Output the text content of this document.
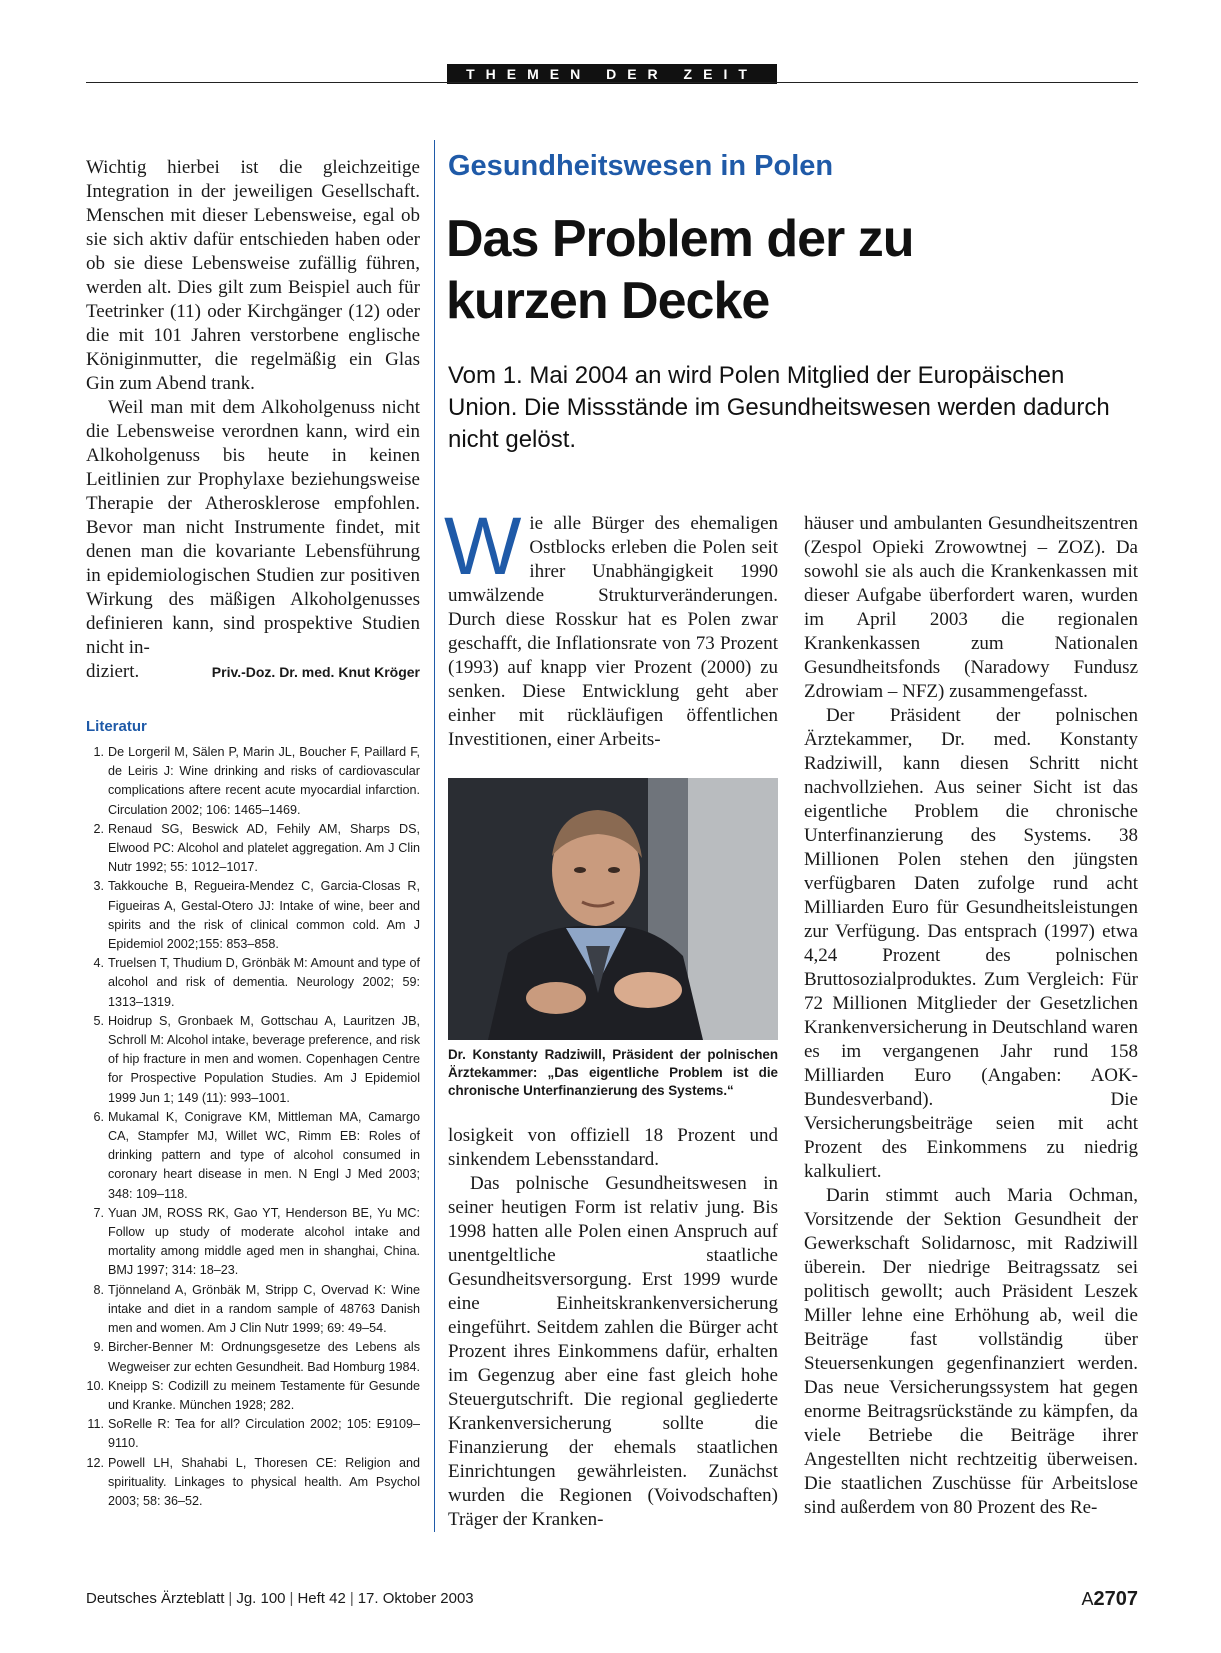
THEMEN DER ZEIT

Wichtig hierbei ist die gleichzeitige Integration in der jeweiligen Gesellschaft. Menschen mit dieser Lebensweise, egal ob sie sich aktiv dafür entschieden haben oder ob sie diese Lebensweise zufällig führen, werden alt. Dies gilt zum Beispiel auch für Teetrinker (11) oder Kirchgänger (12) oder die mit 101 Jahren verstorbene englische Königinmutter, die regelmäßig ein Glas Gin zum Abend trank.

Weil man mit dem Alkoholgenuss nicht die Lebensweise verordnen kann, wird ein Alkoholgenuss bis heute in keinen Leitlinien zur Prophylaxe beziehungsweise Therapie der Atherosklerose empfohlen. Bevor man nicht Instrumente findet, mit denen man die kovariante Lebensführung in epidemiologischen Studien zur positiven Wirkung des mäßigen Alkoholgenusses definieren kann, sind prospektive Studien nicht in-

diziert.	Priv.-Doz. Dr. med. Knut Kröger
Literatur
1. De Lorgeril M, Sälen P, Marin JL, Boucher F, Paillard F, de Leiris J: Wine drinking and risks of cardiovascular complications aftere recent acute myocardial infarction. Circulation 2002; 106: 1465–1469.
2. Renaud SG, Beswick AD, Fehily AM, Sharps DS, Elwood PC: Alcohol and platelet aggregation. Am J Clin Nutr 1992; 55: 1012–1017.
3. Takkouche B, Regueira-Mendez C, Garcia-Closas R, Figueiras A, Gestal-Otero JJ: Intake of wine, beer and spirits and the risk of clinical common cold. Am J Epidemiol 2002;155: 853–858.
4. Truelsen T, Thudium D, Grönbäk M: Amount and type of alcohol and risk of dementia. Neurology 2002; 59: 1313–1319.
5. Hoidrup S, Gronbaek M, Gottschau A, Lauritzen JB, Schroll M: Alcohol intake, beverage preference, and risk of hip fracture in men and women. Copenhagen Centre for Prospective Population Studies. Am J Epidemiol 1999 Jun 1; 149 (11): 993–1001.
6. Mukamal K, Conigrave KM, Mittleman MA, Camargo CA, Stampfer MJ, Willet WC, Rimm EB: Roles of drinking pattern and type of alcohol consumed in coronary heart disease in men. N Engl J Med 2003; 348: 109–118.
7. Yuan JM, ROSS RK, Gao YT, Henderson BE, Yu MC: Follow up study of moderate alcohol intake and mortality among middle aged men in shanghai, China. BMJ 1997; 314: 18–23.
8. Tjönneland A, Grönbäk M, Stripp C, Overvad K: Wine intake and diet in a random sample of 48763 Danish men and women. Am J Clin Nutr 1999; 69: 49–54.
9. Bircher-Benner M: Ordnungsgesetze des Lebens als Wegweiser zur echten Gesundheit. Bad Homburg 1984.
10. Kneipp S: Codizill zu meinem Testamente für Gesunde und Kranke. München 1928; 282.
11. SoRelle R: Tea for all? Circulation 2002; 105: E9109–9110.
12. Powell LH, Shahabi L, Thoresen CE: Religion and spirituality. Linkages to physical health. Am Psychol 2003; 58: 36–52.
Gesundheitswesen in Polen
Das Problem der zu
kurzen Decke

Vom 1. Mai 2004 an wird Polen Mitglied der Europäischen Union. Die Missstände im Gesundheitswesen werden dadurch nicht gelöst.

Wie alle Bürger des ehemaligen Ostblocks erleben die Polen seit ihrer Unabhängigkeit 1990 umwälzende Strukturveränderungen. Durch diese Rosskur hat es Polen zwar geschafft, die Inflationsrate von 73 Prozent (1993) auf knapp vier Prozent (2000) zu senken. Diese Entwicklung geht aber einher mit rückläufigen öffentlichen Investitionen, einer Arbeits-

Dr. Konstanty Radziwill, Präsident der polnischen Ärztekammer: „Das eigentliche Problem ist die chronische Unterfinanzierung des Systems.“

losigkeit von offiziell 18 Prozent und sinkendem Lebensstandard.

Das polnische Gesundheitswesen in seiner heutigen Form ist relativ jung. Bis 1998 hatten alle Polen einen Anspruch auf unentgeltliche staatliche Gesundheitsversorgung. Erst 1999 wurde eine Einheitskrankenversicherung eingeführt. Seitdem zahlen die Bürger acht Prozent ihres Einkommens dafür, erhalten im Gegenzug aber eine fast gleich hohe Steuergutschrift. Die regional gegliederte Krankenversicherung sollte die Finanzierung der ehemals staatlichen Einrichtungen gewährleisten. Zunächst wurden die Regionen (Voivodschaften) Träger der Kranken-

häuser und ambulanten Gesundheitszentren (Zespol Opieki Zrowowtnej – ZOZ). Da sowohl sie als auch die Krankenkassen mit dieser Aufgabe überfordert waren, wurden im April 2003 die regionalen Krankenkassen zum Nationalen Gesundheitsfonds (Naradowy Fundusz Zdrowiam – NFZ) zusammengefasst.

Der Präsident der polnischen Ärztekammer, Dr. med. Konstanty Radziwill, kann diesen Schritt nicht nachvollziehen. Aus seiner Sicht ist das eigentliche Problem die chronische Unterfinanzierung des Systems. 38 Millionen Polen stehen den jüngsten verfügbaren Daten zufolge rund acht Milliarden Euro für Gesundheitsleistungen zur Verfügung. Das entsprach (1997) etwa 4,24 Prozent des polnischen Bruttosozialproduktes. Zum Vergleich: Für 72 Millionen Mitglieder der Gesetzlichen Krankenversicherung in Deutschland waren es im vergangenen Jahr rund 158 Milliarden Euro (Angaben: AOK-Bundesverband). Die Versicherungsbeiträge seien mit acht Prozent des Einkommens zu niedrig kalkuliert.

Darin stimmt auch Maria Ochman, Vorsitzende der Sektion Gesundheit der Gewerkschaft Solidarnosc, mit Radziwill überein. Der niedrige Beitragssatz sei politisch gewollt; auch Präsident Leszek Miller lehne eine Erhöhung ab, weil die Beiträge fast vollständig über Steuersenkungen gegenfinanziert werden. Das neue Versicherungssystem hat gegen enorme Beitragsrückstände zu kämpfen, da viele Betriebe die Beiträge ihrer Angestellten nicht rechtzeitig überweisen. Die staatlichen Zuschüsse für Arbeitslose sind außerdem von 80 Prozent des Re-

Deutsches Ärzteblatt | Jg. 100 | Heft 42 | 17. Oktober 2003	A2707
